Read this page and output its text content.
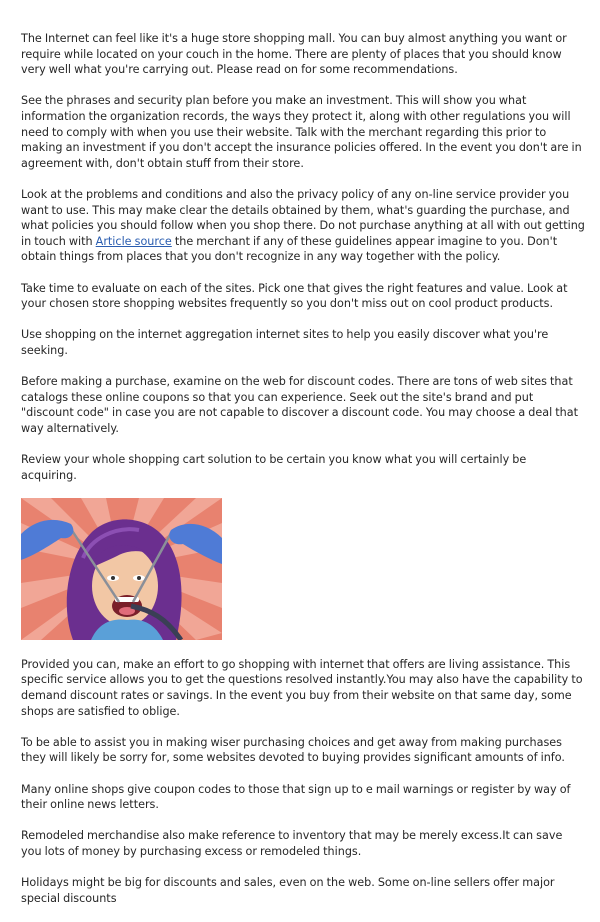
The Internet can feel like it's a huge store shopping mall. You can buy almost anything you want or require while located on your couch in the home. There are plenty of places that you should know very well what you're carrying out. Please read on for some recommendations.

See the phrases and security plan before you make an investment. This will show you what information the organization records, the ways they protect it, along with other regulations you will need to comply with when you use their website. Talk with the merchant regarding this prior to making an investment if you don't accept the insurance policies offered. In the event you don't are in agreement with, don't obtain stuff from their store.

Look at the problems and conditions and also the privacy policy of any on-line service provider you want to use. This may make clear the details obtained by them, what's guarding the purchase, and what policies you should follow when you shop there. Do not purchase anything at all with out getting in touch with Article source the merchant if any of these guidelines appear imagine to you. Don't obtain things from places that you don't recognize in any way together with the policy.

Take time to evaluate on each of the sites. Pick one that gives the right features and value. Look at your chosen store shopping websites frequently so you don't miss out on cool product products.

Use shopping on the internet aggregation internet sites to help you easily discover what you're seeking.

Before making a purchase, examine on the web for discount codes. There are tons of web sites that catalogs these online coupons so that you can experience. Seek out the site's brand and put "discount code" in case you are not capable to discover a discount code. You may choose a deal that way alternatively.

Review your whole shopping cart solution to be certain you know what you will certainly be acquiring.

Provided you can, make an effort to go shopping with internet that offers are living assistance. This specific service allows you to get the questions resolved instantly.You may also have the capability to demand discount rates or savings. In the event you buy from their website on that same day, some shops are satisfied to oblige.

To be able to assist you in making wiser purchasing choices and get away from making purchases they will likely be sorry for, some websites devoted to buying provides significant amounts of info.

Many online shops give coupon codes to those that sign up to e mail warnings or register by way of their online news letters.

Remodeled merchandise also make reference to inventory that may be merely excess.It can save you lots of money by purchasing excess or remodeled things.

Holidays might be big for discounts and sales, even on the web. Some on-line sellers offer major special discounts
